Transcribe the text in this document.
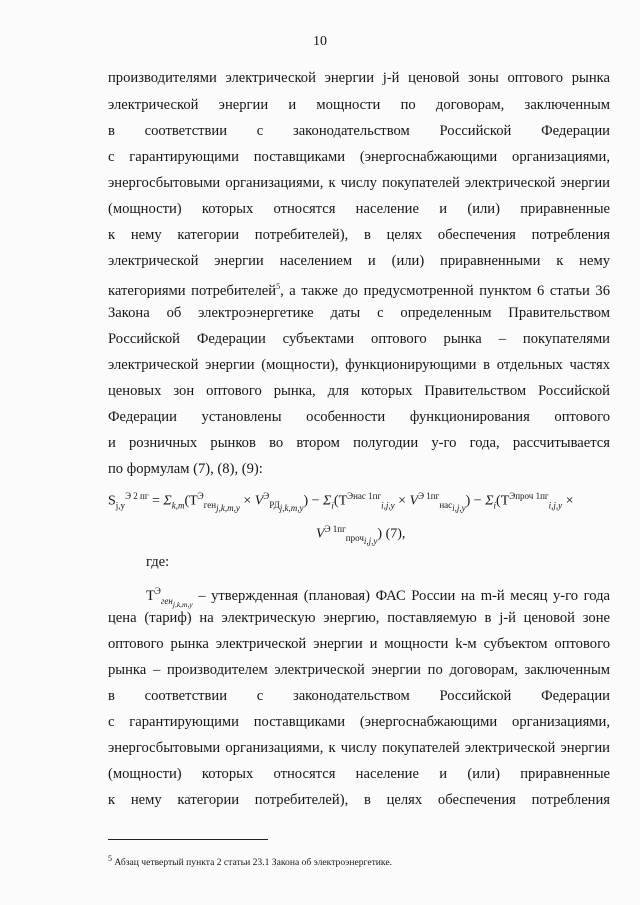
10
производителями электрической энергии j-й ценовой зоны оптового рынка
электрической энергии и мощности по договорам, заключенным
в соответствии с законодательством Российской Федерации
с гарантирующими поставщиками (энергоснабжающими организациями,
энергосбытовыми организациями, к числу покупателей электрической энергии
(мощности) которых относятся население и (или) приравненные
к нему категории потребителей), в целях обеспечения потребления
электрической энергии населением и (или) приравненными к нему
категориями потребителей$^5$, а также до предусмотренной пунктом 6 статьи 36
Закона об электроэнергетике даты с определенным Правительством
Российской Федерации субъектами оптового рынка – покупателями
электрической энергии (мощности), функционирующими в отдельных частях
ценовых зон оптового рынка, для которых Правительством Российской
Федерации установлены особенности функционирования оптового
и розничных рынков во втором полугодии y-го года, рассчитывается
по формулам (7), (8), (9):
$S_{j,y}^{Э 2 пг} = \Sigma_{k,m}(T^Э_{ген_{j,k,m,y}} \times V^Э_{РД_{j,k,m,y}}) - \Sigma_i(T^{Энас 1пг}_{i,j,y} \times V^{Э 1пг}_{нас_{i,j,y}}) - \Sigma_i(T^{Эпроч 1пг}_{i,j,y}$ ×
$V^{Э 1пг}_{проч_{i,j,y}}$) (7),
где:
$T^Э_{ген_{j,k,m,y}}$ – утвержденная (плановая) ФАС России на m-й месяц y-го года
цена (тариф) на электрическую энергию, поставляемую в j-й ценовой зоне
оптового рынка электрической энергии и мощности k-м субъектом оптового
рынка – производителем электрической энергии по договорам, заключенным
в соответствии с законодательством Российской Федерации
с гарантирующими поставщиками (энергоснабжающими организациями,
энергосбытовыми организациями, к числу покупателей электрической энергии
(мощности) которых относятся население и (или) приравненные
к нему категории потребителей), в целях обеспечения потребления
$^5$ Абзац четвертый пункта 2 статьи 23.1 Закона об электроэнергетике.
